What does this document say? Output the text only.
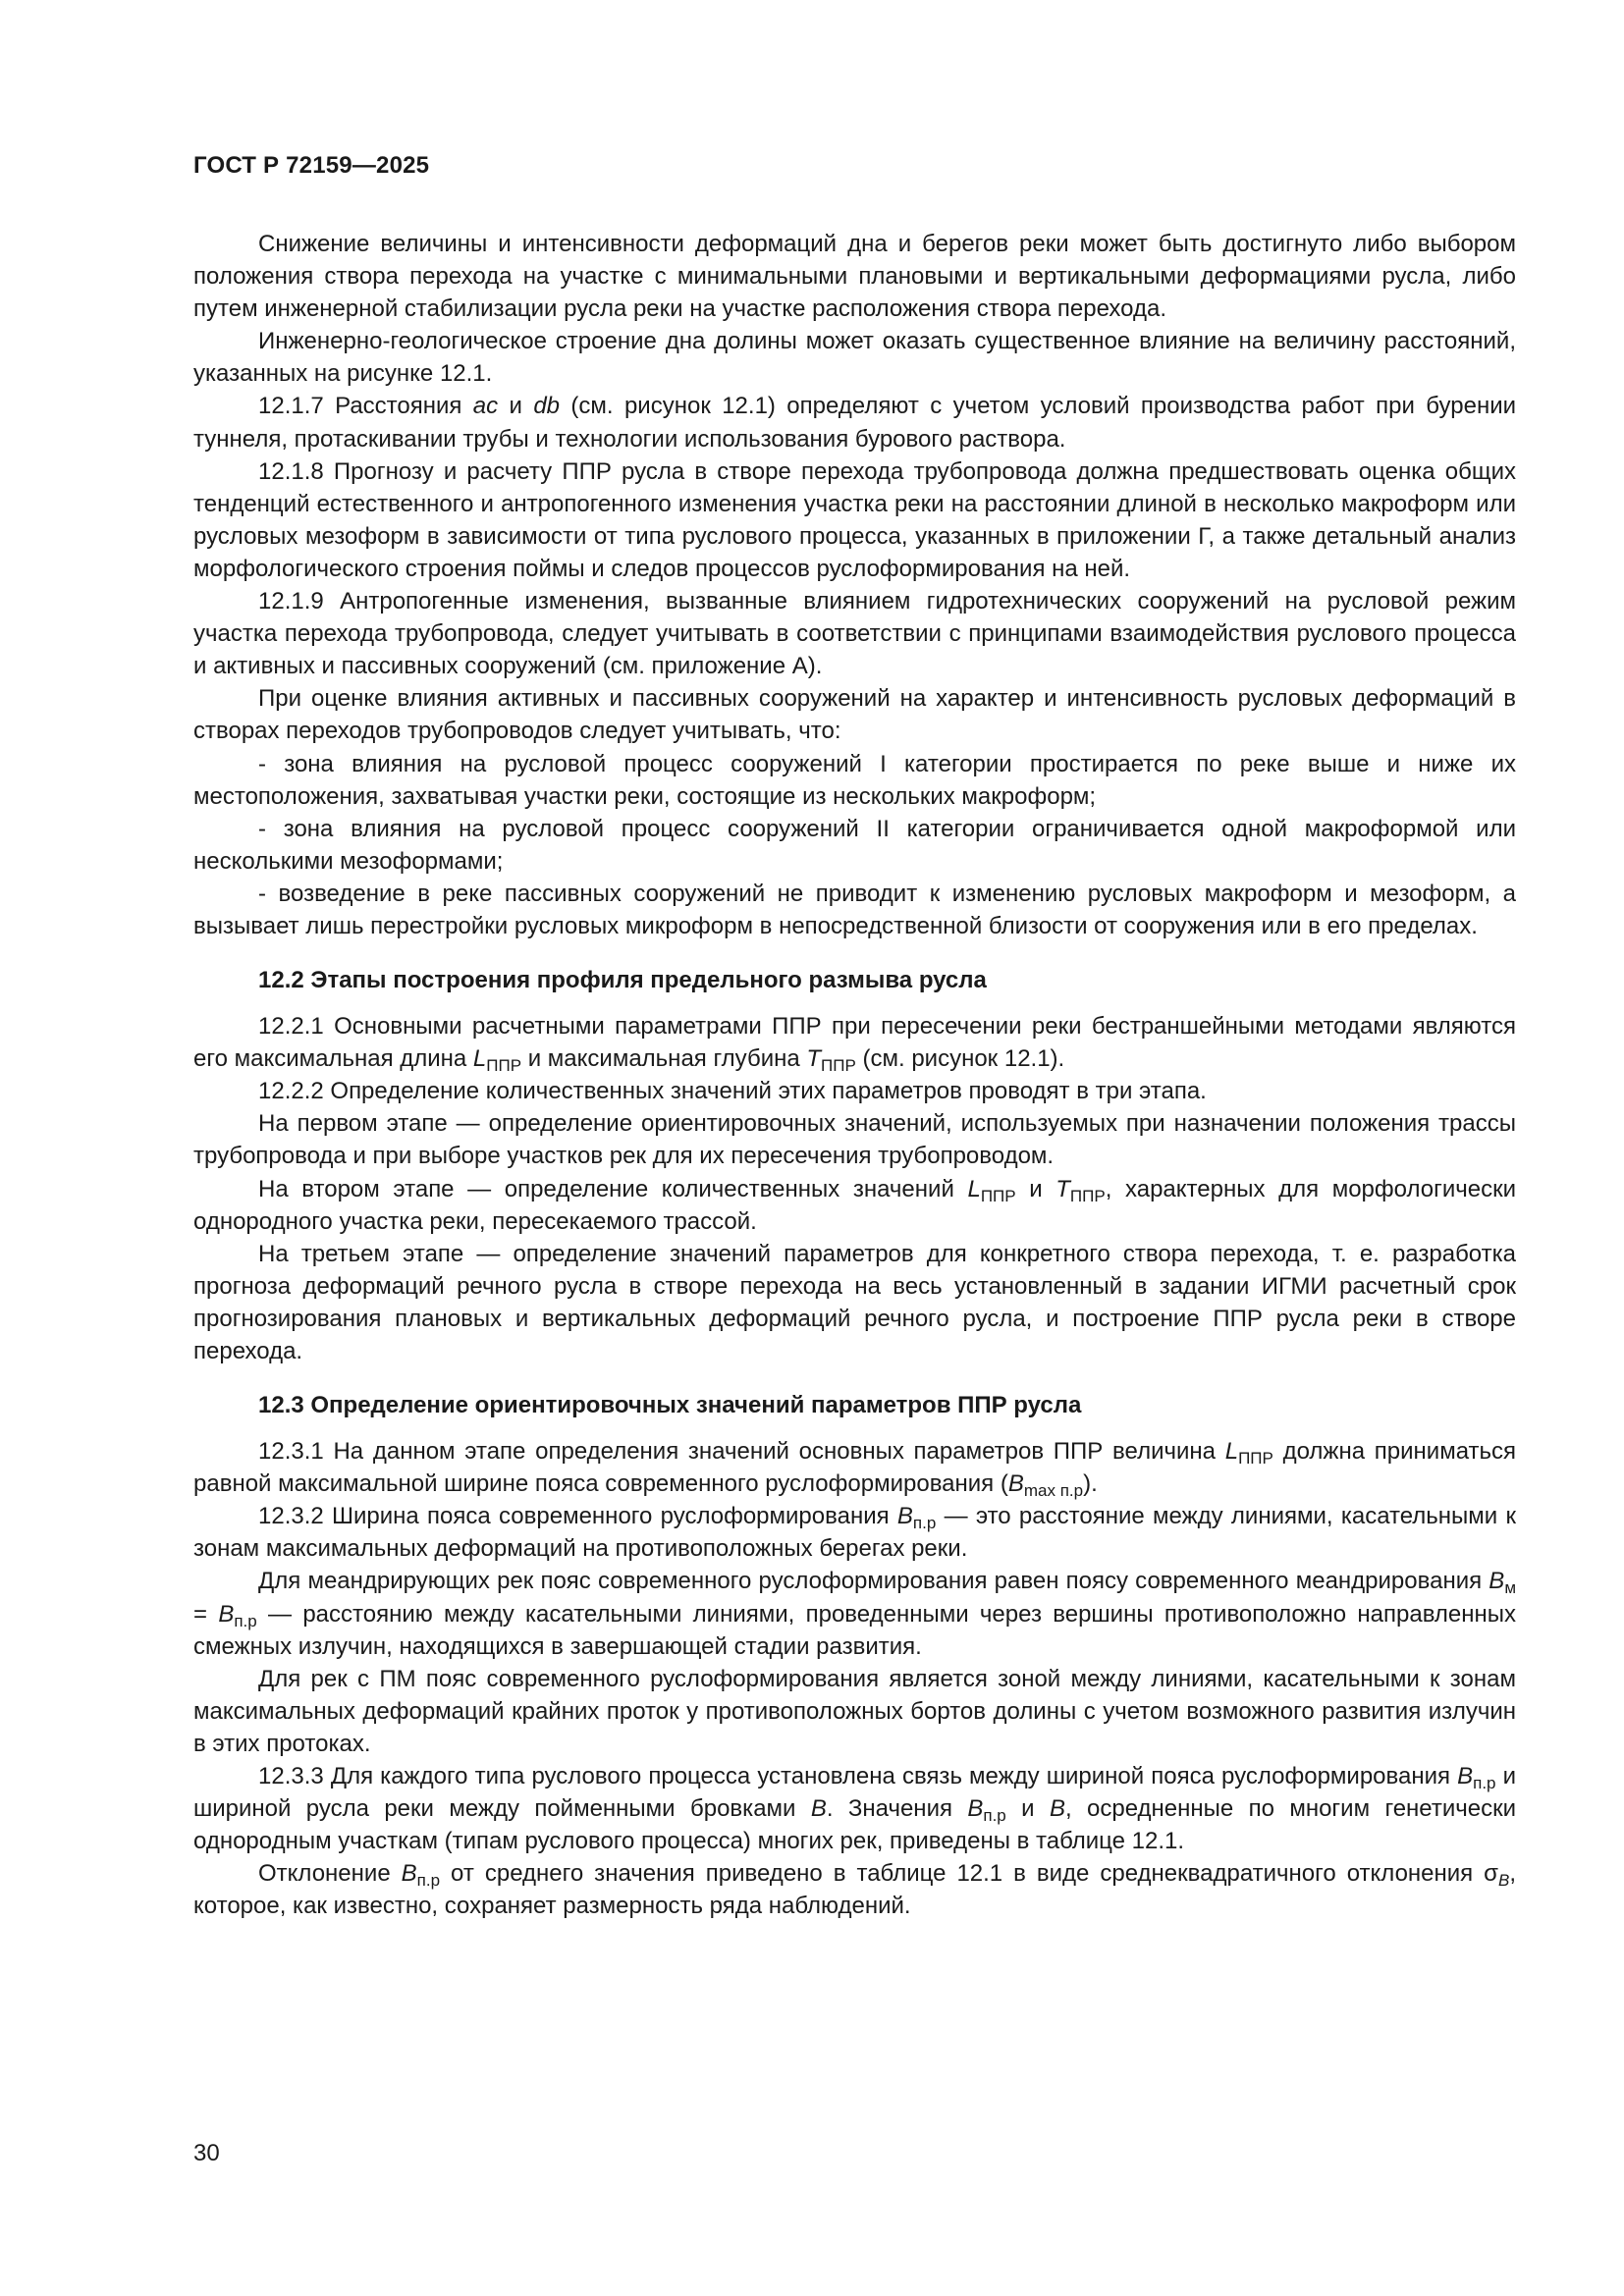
ГОСТ Р 72159—2025

Снижение величины и интенсивности деформаций дна и берегов реки может быть достигнуто либо выбором положения створа перехода на участке с минимальными плановыми и вертикальными деформациями русла, либо путем инженерной стабилизации русла реки на участке расположения створа перехода.

Инженерно-геологическое строение дна долины может оказать существенное влияние на величину расстояний, указанных на рисунке 12.1.

12.1.7 Расстояния ac и db (см. рисунок 12.1) определяют с учетом условий производства работ при бурении туннеля, протаскивании трубы и технологии использования бурового раствора.

12.1.8 Прогнозу и расчету ППР русла в створе перехода трубопровода должна предшествовать оценка общих тенденций естественного и антропогенного изменения участка реки на расстоянии длиной в несколько макроформ или русловых мезоформ в зависимости от типа руслового процесса, указанных в приложении Г, а также детальный анализ морфологического строения поймы и следов процессов руслоформирования на ней.

12.1.9 Антропогенные изменения, вызванные влиянием гидротехнических сооружений на русловой режим участка перехода трубопровода, следует учитывать в соответствии с принципами взаимодействия руслового процесса и активных и пассивных сооружений (см. приложение А).

При оценке влияния активных и пассивных сооружений на характер и интенсивность русловых деформаций в створах переходов трубопроводов следует учитывать, что:

- зона влияния на русловой процесс сооружений I категории простирается по реке выше и ниже их местоположения, захватывая участки реки, состоящие из нескольких макроформ;

- зона влияния на русловой процесс сооружений II категории ограничивается одной макроформой или несколькими мезоформами;

- возведение в реке пассивных сооружений не приводит к изменению русловых макроформ и мезоформ, а вызывает лишь перестройки русловых микроформ в непосредственной близости от сооружения или в его пределах.

12.2 Этапы построения профиля предельного размыва русла

12.2.1 Основными расчетными параметрами ППР при пересечении реки бестраншейными методами являются его максимальная длина $L_{ППР}$ и максимальная глубина $T_{ППР}$ (см. рисунок 12.1).

12.2.2 Определение количественных значений этих параметров проводят в три этапа.

На первом этапе — определение ориентировочных значений, используемых при назначении положения трассы трубопровода и при выборе участков рек для их пересечения трубопроводом.

На втором этапе — определение количественных значений $L_{ППР}$ и $T_{ППР}$, характерных для морфологически однородного участка реки, пересекаемого трассой.

На третьем этапе — определение значений параметров для конкретного створа перехода, т. е. разработка прогноза деформаций речного русла в створе перехода на весь установленный в задании ИГМИ расчетный срок прогнозирования плановых и вертикальных деформаций речного русла, и построение ППР русла реки в створе перехода.

12.3 Определение ориентировочных значений параметров ППР русла

12.3.1 На данном этапе определения значений основных параметров ППР величина $L_{ППР}$ должна приниматься равной максимальной ширине пояса современного руслоформирования $(B_{max п.р})$.

12.3.2 Ширина пояса современного руслоформирования $B_{п.р}$ — это расстояние между линиями, касательными к зонам максимальных деформаций на противоположных берегах реки.

Для меандрирующих рек пояс современного руслоформирования равен поясу современного меандрирования $B_м = B_{п.р}$ — расстоянию между касательными линиями, проведенными через вершины противоположно направленных смежных излучин, находящихся в завершающей стадии развития.

Для рек с ПМ пояс современного руслоформирования является зоной между линиями, касательными к зонам максимальных деформаций крайних проток у противоположных бортов долины с учетом возможного развития излучин в этих протоках.

12.3.3 Для каждого типа руслового процесса установлена связь между шириной пояса руслоформирования $B_{п.р}$ и шириной русла реки между пойменными бровками B. Значения $B_{п.р}$ и B, осредненные по многим генетически однородным участкам (типам руслового процесса) многих рек, приведены в таблице 12.1.

Отклонение $B_{п.р}$ от среднего значения приведено в таблице 12.1 в виде среднеквадратичного отклонения $\sigma_B$, которое, как известно, сохраняет размерность ряда наблюдений.

30
